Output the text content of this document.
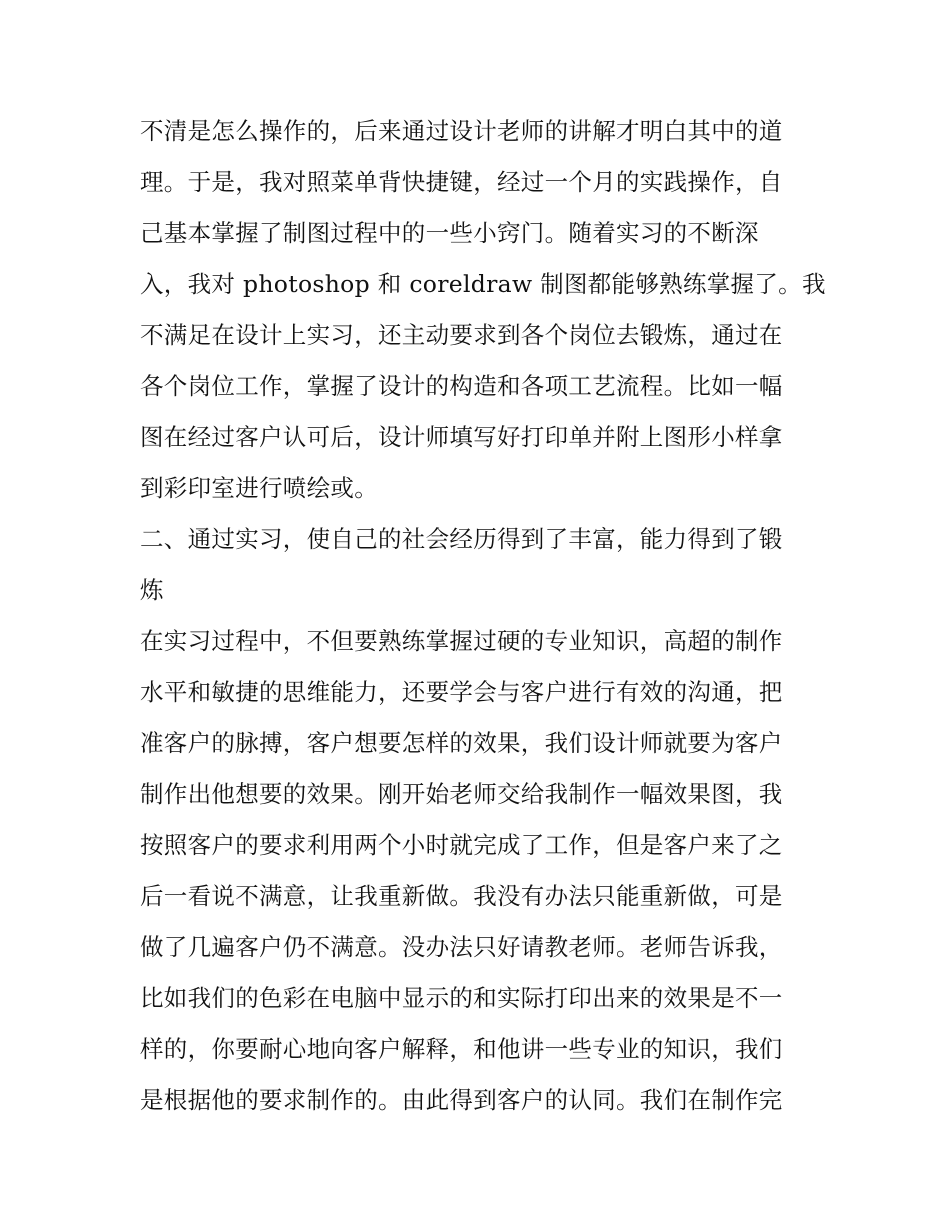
不清是怎么操作的，后来通过设计老师的讲解才明白其中的道
理。于是，我对照菜单背快捷键，经过一个月的实践操作，自
己基本掌握了制图过程中的一些小窍门。随着实习的不断深
入，我对 photoshop 和 coreldraw 制图都能够熟练掌握了。我
不满足在设计上实习，还主动要求到各个岗位去锻炼，通过在
各个岗位工作，掌握了设计的构造和各项工艺流程。比如一幅
图在经过客户认可后，设计师填写好打印单并附上图形小样拿
到彩印室进行喷绘或。
二、通过实习，使自己的社会经历得到了丰富，能力得到了锻
炼
在实习过程中，不但要熟练掌握过硬的专业知识，高超的制作
水平和敏捷的思维能力，还要学会与客户进行有效的沟通，把
准客户的脉搏，客户想要怎样的效果，我们设计师就要为客户
制作出他想要的效果。刚开始老师交给我制作一幅效果图，我
按照客户的要求利用两个小时就完成了工作，但是客户来了之
后一看说不满意，让我重新做。我没有办法只能重新做，可是
做了几遍客户仍不满意。没办法只好请教老师。老师告诉我，
比如我们的色彩在电脑中显示的和实际打印出来的效果是不一
样的，你要耐心地向客户解释，和他讲一些专业的知识，我们
是根据他的要求制作的。由此得到客户的认同。我们在制作完
